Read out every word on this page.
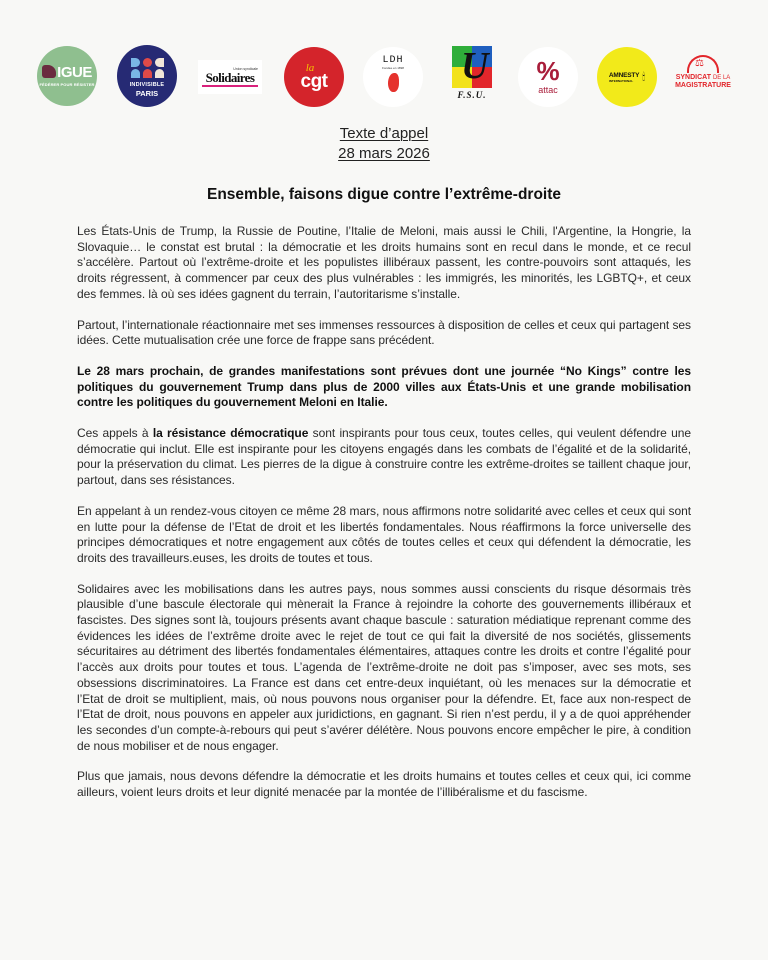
IGUE
FÉDÉRER POUR RÉSISTER	INDIVISIBLE
PARIS
Union syndicale
Solidaires
la
cgt
LDH
Fondée en 1898 U
F.S.U.
%
attac
AMNESTY
INTERNATIONAL 🕯︎
⚖	SYNDICAT DE LA
MAGISTRATURE
Texte d’appel
28 mars 2026
Ensemble, faisons digue contre l’extrême-droite

Les États-Unis de Trump, la Russie de Poutine, l’Italie de Meloni, mais aussi le Chili, l'Argentine, la Hongrie, la Slovaquie… le constat est brutal : la démocratie et les droits humains sont en recul dans le monde, et ce recul s’accélère. Partout où l’extrême-droite et les populistes illibéraux passent, les contre-pouvoirs sont attaqués, les droits régressent, à commencer par ceux des plus vulnérables : les immigrés, les minorités, les LGBTQ+, et ceux des femmes. là où ses idées gagnent du terrain, l’autoritarisme s’installe.

Partout, l’internationale réactionnaire met ses immenses ressources à disposition de celles et ceux qui partagent ses idées. Cette mutualisation crée une force de frappe sans précédent.

Le 28 mars prochain, de grandes manifestations sont prévues dont une journée “No Kings” contre les politiques du gouvernement Trump dans plus de 2000 villes aux États-Unis et une grande mobilisation contre les politiques du gouvernement Meloni en Italie.

Ces appels à la résistance démocratique sont inspirants pour tous ceux, toutes celles, qui veulent défendre une démocratie qui inclut. Elle est inspirante pour les citoyens engagés dans les combats de l’égalité et de la solidarité, pour la préservation du climat. Les pierres de la digue à construire contre les extrême-droites se taillent chaque jour, partout, dans ses résistances.

En appelant à un rendez-vous citoyen ce même 28 mars, nous affirmons notre solidarité avec celles et ceux qui sont en lutte pour la défense de l’Etat de droit et les libertés fondamentales. Nous réaffirmons la force universelle des principes démocratiques et notre engagement aux côtés de toutes celles et ceux qui défendent la démocratie, les droits des travailleurs.euses, les droits de toutes et tous.

Solidaires avec les mobilisations dans les autres pays, nous sommes aussi conscients du risque désormais très plausible d’une bascule électorale qui mènerait la France à rejoindre la cohorte des gouvernements illibéraux et fascistes. Des signes sont là, toujours présents avant chaque bascule : saturation médiatique reprenant comme des évidences les idées de l’extrême droite avec le rejet de tout ce qui fait la diversité de nos sociétés, glissements sécuritaires au détriment des libertés fondamentales élémentaires, attaques contre les droits et contre l’égalité pour l’accès aux droits pour toutes et tous. L’agenda de l’extrême-droite ne doit pas s’imposer, avec ses mots, ses obsessions discriminatoires. La France est dans cet entre-deux inquiétant, où les menaces sur la démocratie et l’Etat de droit se multiplient, mais, où nous pouvons nous organiser pour la défendre. Et, face aux non-respect de l’Etat de droit, nous pouvons en appeler aux juridictions, en gagnant. Si rien n’est perdu, il y a de quoi appréhender les secondes d’un compte-à-rebours qui peut s’avérer délétère. Nous pouvons encore empêcher le pire, à condition de nous mobiliser et de nous engager.

Plus que jamais, nous devons défendre la démocratie et les droits humains et toutes celles et ceux qui, ici comme ailleurs, voient leurs droits et leur dignité menacée par la montée de l’illibéralisme et du fascisme.
